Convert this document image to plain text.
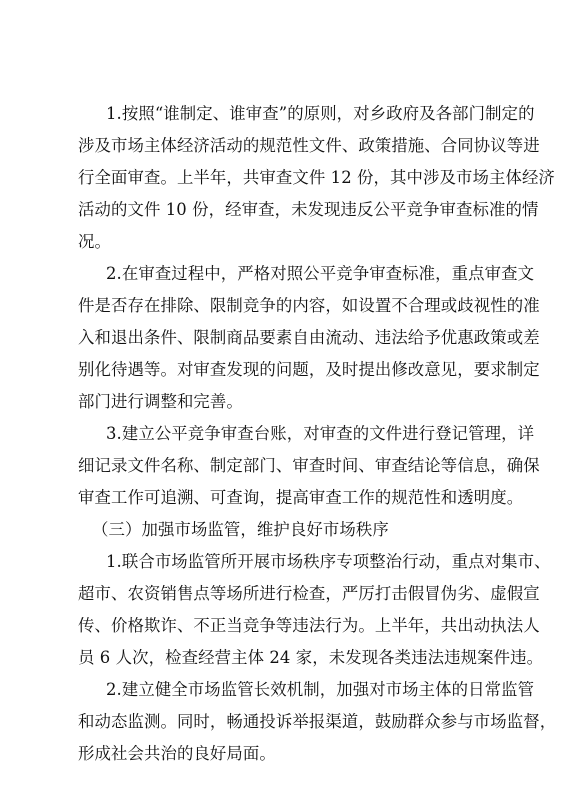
1.按照“谁制定、谁审查”的原则，对乡政府及各部门制定的
涉及市场主体经济活动的规范性文件、政策措施、合同协议等进
行全面审查。上半年，共审查文件 12 份，其中涉及市场主体经济
活动的文件 10 份，经审查，未发现违反公平竞争审查标准的情
况。
2.在审查过程中，严格对照公平竞争审查标准，重点审查文
件是否存在排除、限制竞争的内容，如设置不合理或歧视性的准
入和退出条件、限制商品要素自由流动、违法给予优惠政策或差
别化待遇等。对审查发现的问题，及时提出修改意见，要求制定
部门进行调整和完善。
3.建立公平竞争审查台账，对审查的文件进行登记管理，详
细记录文件名称、制定部门、审查时间、审查结论等信息，确保
审查工作可追溯、可查询，提高审查工作的规范性和透明度。
（三）加强市场监管，维护良好市场秩序
1.联合市场监管所开展市场秩序专项整治行动，重点对集市、
超市、农资销售点等场所进行检查，严厉打击假冒伪劣、虚假宣
传、价格欺诈、不正当竞争等违法行为。上半年，共出动执法人
员 6 人次，检查经营主体 24 家，未发现各类违法违规案件违。
2.建立健全市场监管长效机制，加强对市场主体的日常监管
和动态监测。同时，畅通投诉举报渠道，鼓励群众参与市场监督，
形成社会共治的良好局面。
